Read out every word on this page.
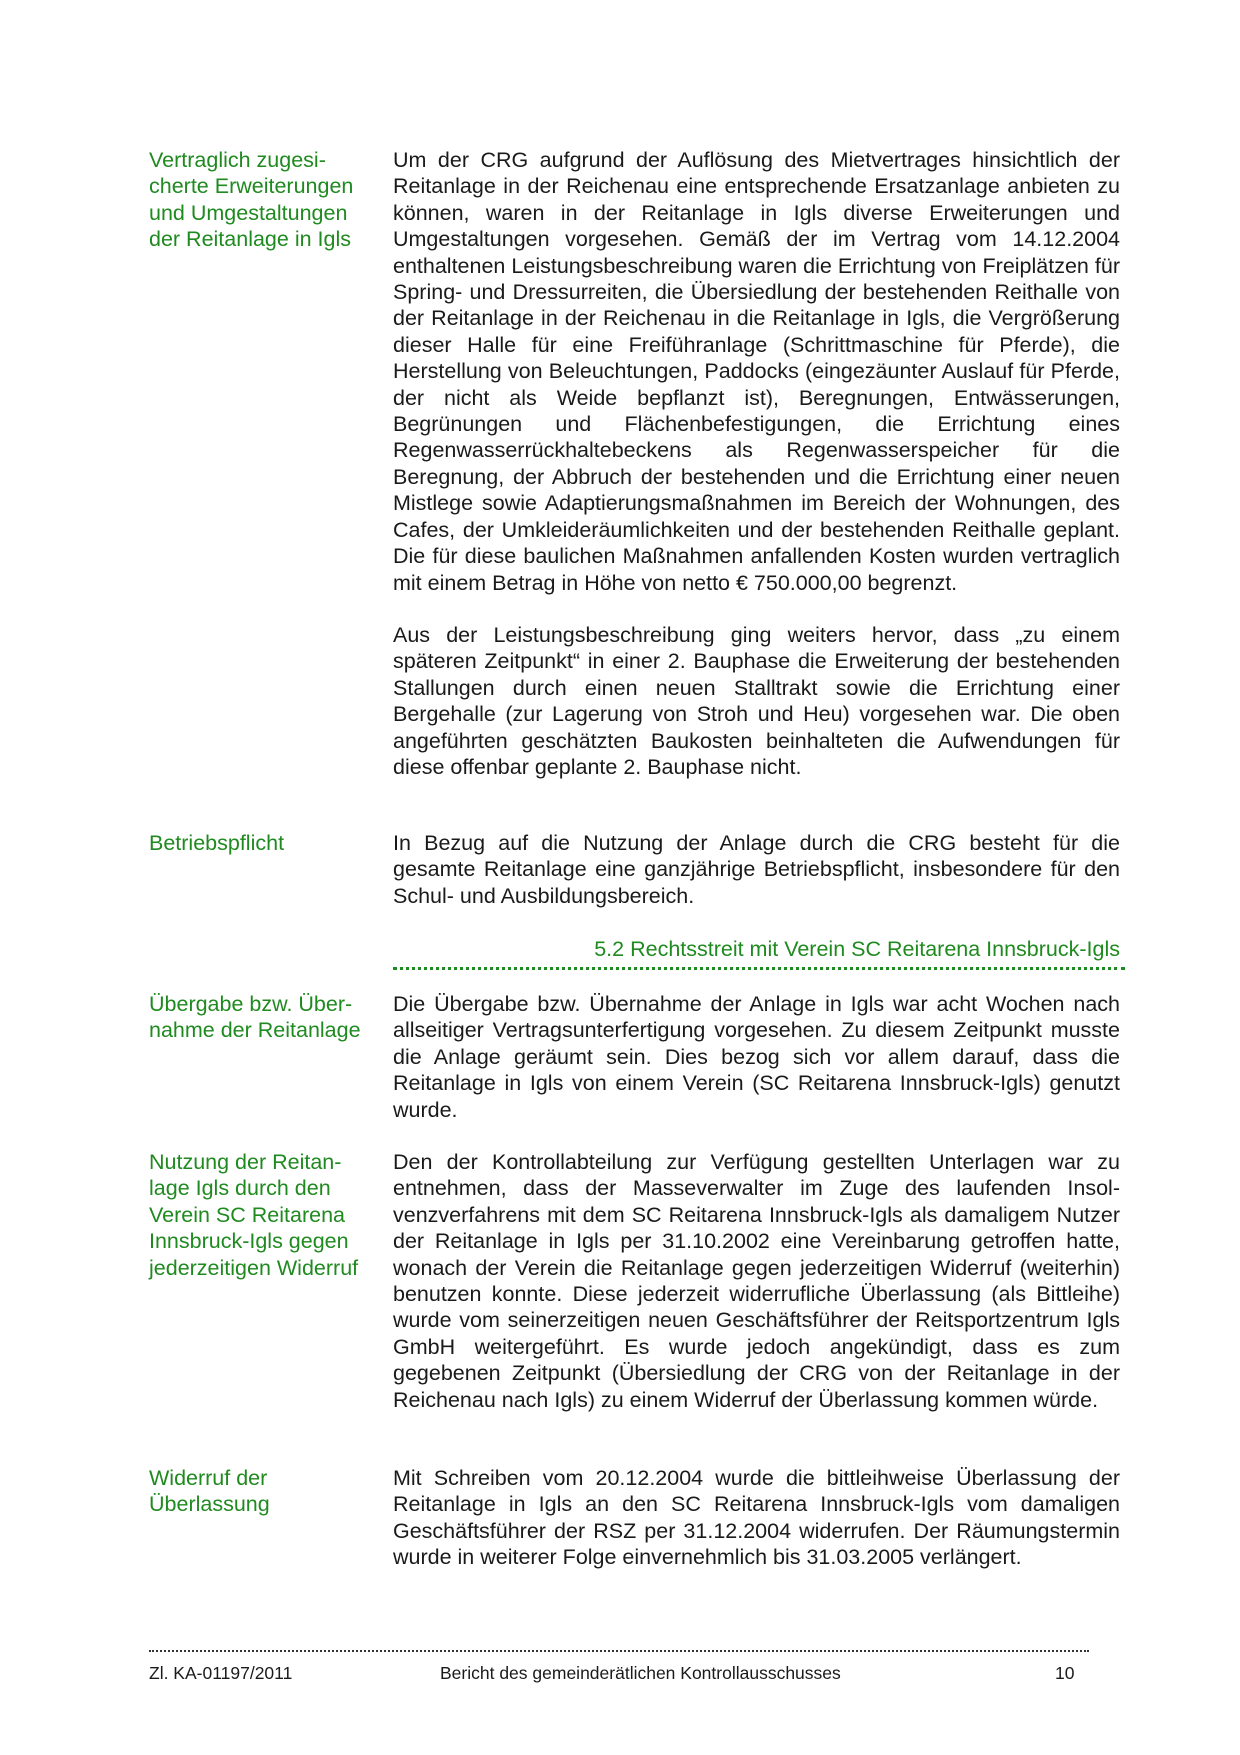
Vertraglich zugesi-
cherte Erweiterungen
und Umgestaltungen
der Reitanlage in Igls

Um der CRG aufgrund der Auflösung des Mietvertrages hinsichtlich der Reitanlage in der Reichenau eine entsprechende Ersatzanlage anbieten zu können, waren in der Reitanlage in Igls diverse Erweiterungen und Umgestaltungen vorgesehen. Gemäß der im Vertrag vom 14.12.2004 enthaltenen Leistungsbeschreibung waren die Errichtung von Freiplätzen für Spring- und Dressurreiten, die Übersiedlung der bestehenden Reithalle von der Reitanlage in der Reichenau in die Reitanlage in Igls, die Vergrößerung dieser Halle für eine Freiführanlage (Schrittmaschine für Pferde), die Herstellung von Beleuchtungen, Paddocks (eingezäunter Auslauf für Pferde, der nicht als Weide bepflanzt ist), Beregnungen, Entwässerungen, Begrünungen und Flächenbefestigungen, die Errichtung eines Regenwasserrückhaltebeckens als Regenwasserspeicher für die Beregnung, der Abbruch der bestehenden und die Errichtung einer neuen Mistlege sowie Adaptierungsmaßnahmen im Bereich der Wohnungen, des Cafes, der Umkleideräumlichkeiten und der bestehenden Reithalle geplant. Die für diese baulichen Maßnahmen anfallenden Kosten wurden vertraglich mit einem Betrag in Höhe von netto € 750.000,00 begrenzt.

Aus der Leistungsbeschreibung ging weiters hervor, dass „zu einem späteren Zeitpunkt“ in einer 2. Bauphase die Erweiterung der bestehenden Stallungen durch einen neuen Stalltrakt sowie die Errichtung einer Bergehalle (zur Lagerung von Stroh und Heu) vorgesehen war. Die oben angeführten geschätzten Baukosten beinhalteten die Aufwendungen für diese offenbar geplante 2. Bauphase nicht.

Betriebspflicht	In Bezug auf die Nutzung der Anlage durch die CRG besteht für die gesamte Reitanlage eine ganzjährige Betriebspflicht, insbesondere für den Schul- und Ausbildungsbereich.

5.2 Rechtsstreit mit Verein SC Reitarena Innsbruck-Igls
Übergabe bzw. Übernahme der Reitanlage

Die Übergabe bzw. Übernahme der Anlage in Igls war acht Wochen nach allseitiger Vertragsunterfertigung vorgesehen. Zu diesem Zeitpunkt musste die Anlage geräumt sein. Dies bezog sich vor allem darauf, dass die Reitanlage in Igls von einem Verein (SC Reitarena Innsbruck-Igls) genutzt wurde.

Nutzung der Reitan-
lage Igls durch den
Verein SC Reitarena
Innsbruck-Igls gegen
jederzeitigen Widerruf

Den der Kontrollabteilung zur Verfügung gestellten Unterlagen war zu entnehmen, dass der Masseverwalter im Zuge des laufenden Insolvenzverfahrens mit dem SC Reitarena Innsbruck-Igls als damaligem Nutzer der Reitanlage in Igls per 31.10.2002 eine Vereinbarung getroffen hatte, wonach der Verein die Reitanlage gegen jederzeitigen Widerruf (weiterhin) benutzen konnte. Diese jederzeit widerrufliche Überlassung (als Bittleihe) wurde vom seinerzeitigen neuen Geschäftsführer der Reitsportzentrum Igls GmbH weitergeführt. Es wurde jedoch angekündigt, dass es zum gegebenen Zeitpunkt (Übersiedlung der CRG von der Reitanlage in der Reichenau nach Igls) zu einem Widerruf der Überlassung kommen würde.

Widerruf der
Überlassung

Mit Schreiben vom 20.12.2004 wurde die bittleihweise Überlassung der Reitanlage in Igls an den SC Reitarena Innsbruck-Igls vom damaligen Geschäftsführer der RSZ per 31.12.2004 widerrufen. Der Räumungstermin wurde in weiterer Folge einvernehmlich bis 31.03.2005 verlängert.

Zl. KA-01197/2011	Bericht des gemeinderätlichen Kontrollausschusses	10
